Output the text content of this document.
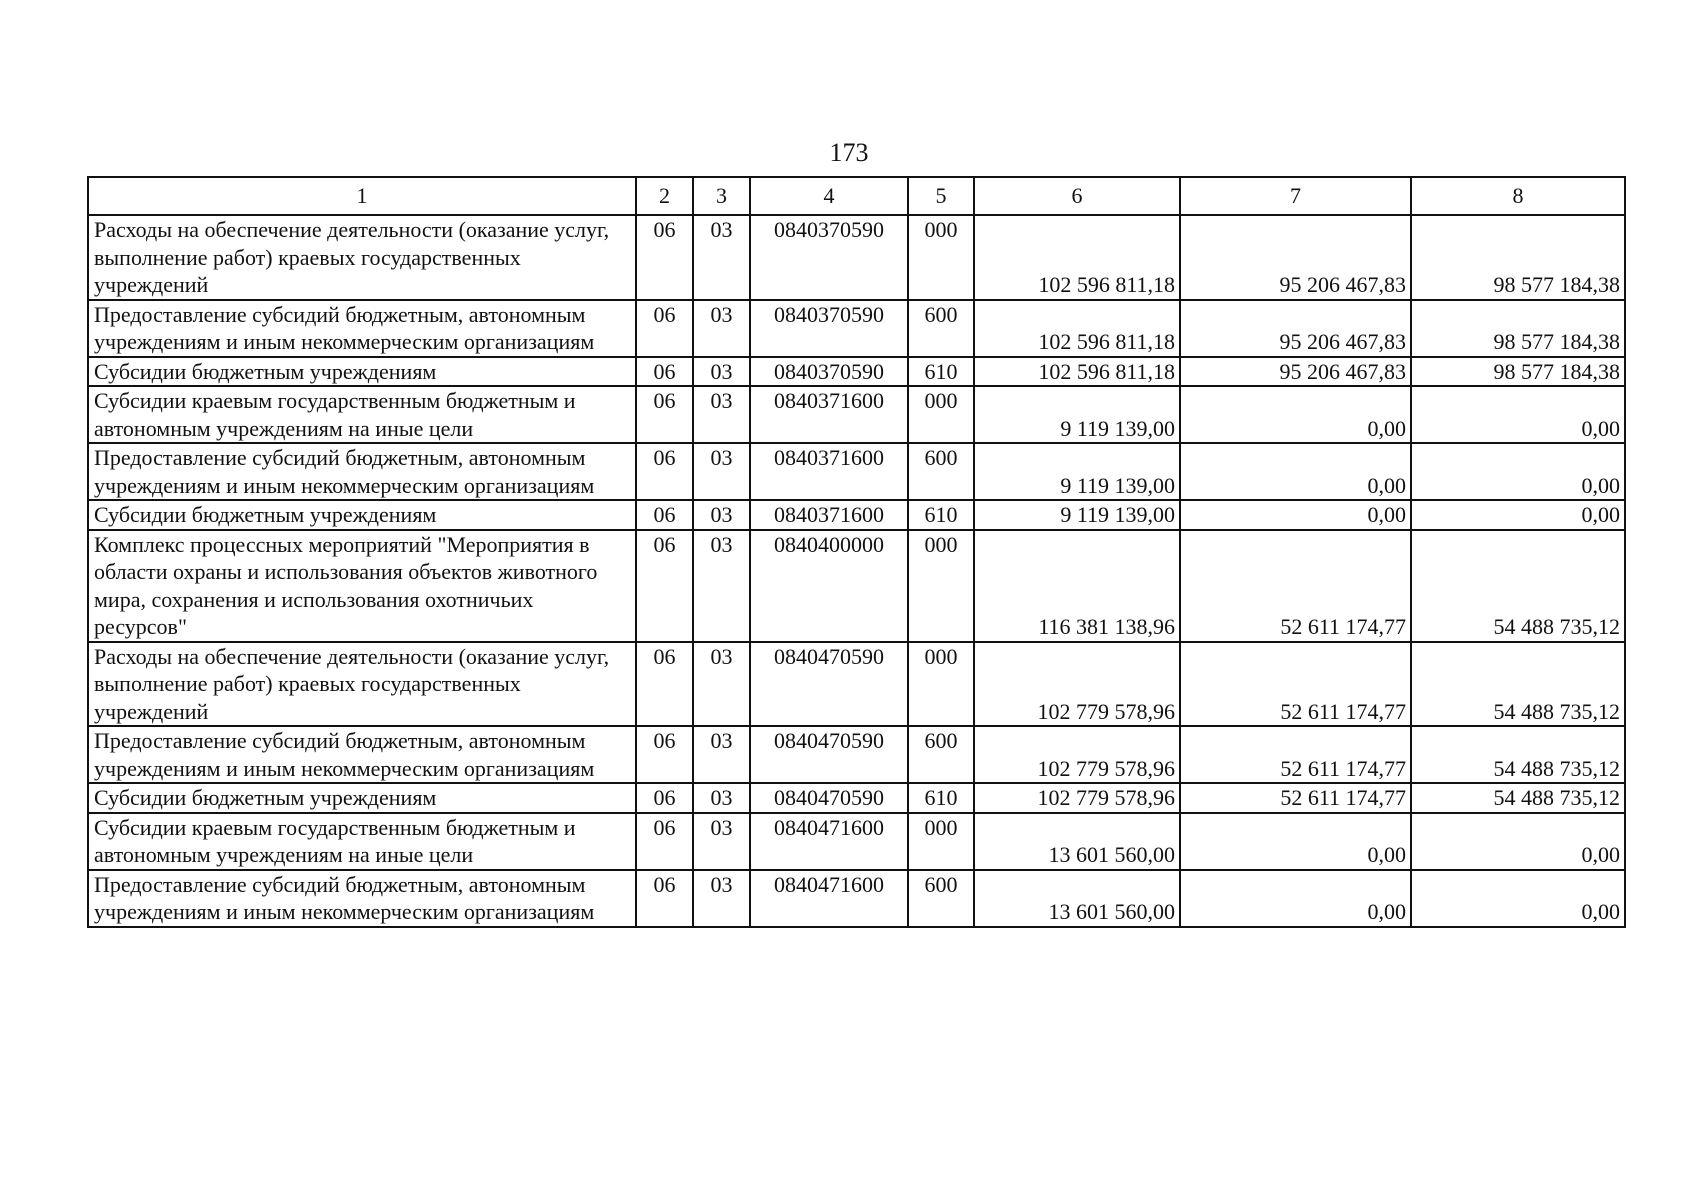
173
1	2	3	4	5	6	7	8
Расходы на обеспечение деятельности (оказание услуг, выполнение работ) краевых государственных учреждений	06	03	0840370590	000	102 596 811,18	95 206 467,83	98 577 184,38
Предоставление субсидий бюджетным, автономным учреждениям и иным некоммерческим организациям	06	03	0840370590	600	102 596 811,18	95 206 467,83	98 577 184,38
Субсидии бюджетным учреждениям	06	03	0840370590	610	102 596 811,18	95 206 467,83	98 577 184,38
Субсидии краевым государственным бюджетным и автономным учреждениям на иные цели	06	03	0840371600	000	9 119 139,00	0,00	0,00
Предоставление субсидий бюджетным, автономным учреждениям и иным некоммерческим организациям	06	03	0840371600	600	9 119 139,00	0,00	0,00
Субсидии бюджетным учреждениям	06	03	0840371600	610	9 119 139,00	0,00	0,00
Комплекс процессных мероприятий "Мероприятия в области охраны и использования объектов животного мира, сохранения и использования охотничьих ресурсов"	06	03	0840400000	000	116 381 138,96	52 611 174,77	54 488 735,12
Расходы на обеспечение деятельности (оказание услуг, выполнение работ) краевых государственных учреждений	06	03	0840470590	000	102 779 578,96	52 611 174,77	54 488 735,12
Предоставление субсидий бюджетным, автономным учреждениям и иным некоммерческим организациям	06	03	0840470590	600	102 779 578,96	52 611 174,77	54 488 735,12
Субсидии бюджетным учреждениям	06	03	0840470590	610	102 779 578,96	52 611 174,77	54 488 735,12
Субсидии краевым государственным бюджетным и автономным учреждениям на иные цели	06	03	0840471600	000	13 601 560,00	0,00	0,00
Предоставление субсидий бюджетным, автономным учреждениям и иным некоммерческим организациям	06	03	0840471600	600	13 601 560,00	0,00	0,00
